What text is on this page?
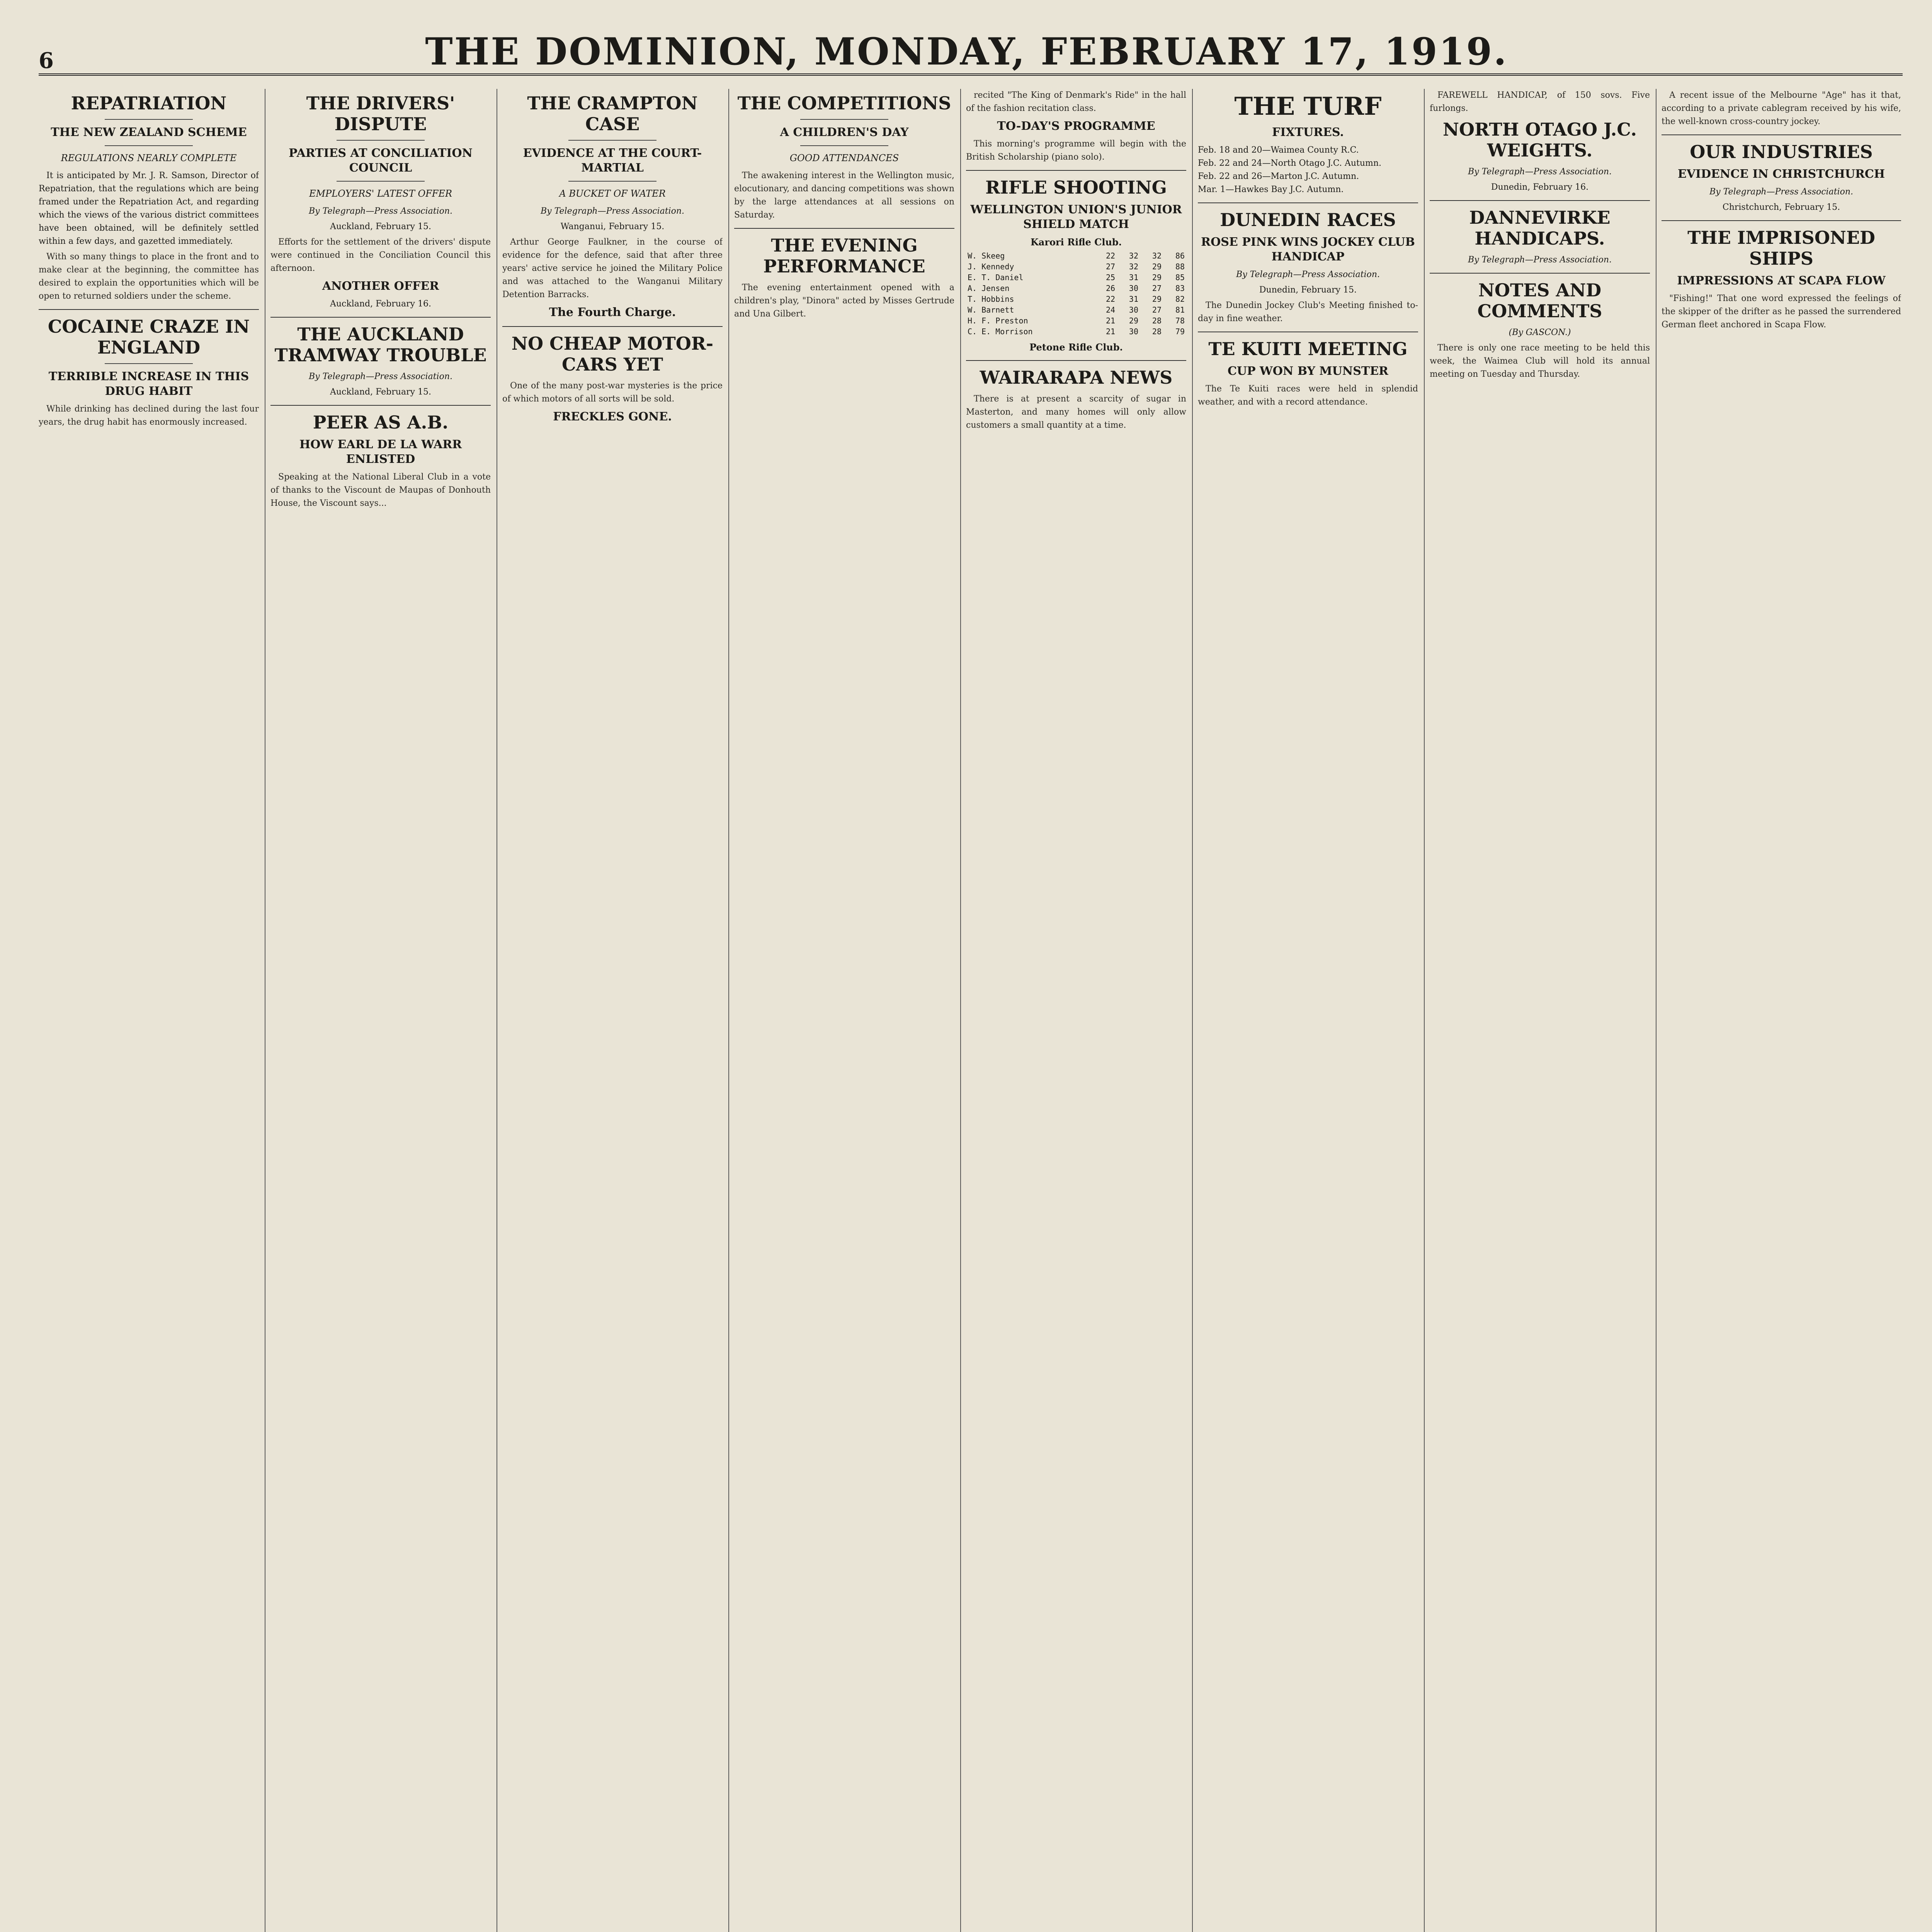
6	THE DOMINION, MONDAY, FEBRUARY 17, 1919.
REPATRIATION
THE NEW ZEALAND SCHEME
REGULATIONS NEARLY COMPLETE

It is anticipated by Mr. J. R. Samson, Director of Repatriation, that the regulations which are being framed under the Repatriation Act, and regarding which the views of the various district committees have been obtained, will be definitely settled within a few days, and gazetted immediately.

With so many things to place in the front and to make clear at the beginning, the committee has desired to explain the opportunities which will be open to returned soldiers under the scheme.

COCAINE CRAZE IN ENGLAND
TERRIBLE INCREASE IN THIS DRUG HABIT

While drinking has declined during the last four years, the drug habit has enormously increased.

THE DRIVERS' DISPUTE
PARTIES AT CONCILIATION COUNCIL
EMPLOYERS' LATEST OFFER
By Telegraph—Press Association.
Auckland, February 15.

Efforts for the settlement of the drivers' dispute were continued in the Conciliation Council this afternoon.

ANOTHER OFFER
Auckland, February 16.
THE AUCKLAND TRAMWAY TROUBLE
By Telegraph—Press Association.
Auckland, February 15.
PEER AS A.B.
HOW EARL DE LA WARR ENLISTED

Speaking at the National Liberal Club in a vote of thanks to the Viscount de Maupas of Donhouth House, the Viscount says...

THE CRAMPTON CASE
EVIDENCE AT THE COURT-MARTIAL
A BUCKET OF WATER
By Telegraph—Press Association.
Wanganui, February 15.

Arthur George Faulkner, in the course of evidence for the defence, said that after three years' active service he joined the Military Police and was attached to the Wanganui Military Detention Barracks.

The Fourth Charge.
NO CHEAP MOTOR-CARS YET

One of the many post-war mysteries is the price of which motors of all sorts will be sold.

FRECKLES GONE.
THE COMPETITIONS
A CHILDREN'S DAY
GOOD ATTENDANCES

The awakening interest in the Wellington music, elocutionary, and dancing competitions was shown by the large attendances at all sessions on Saturday.

THE EVENING PERFORMANCE

The evening entertainment opened with a children's play, "Dinora" acted by Misses Gertrude and Una Gilbert.

recited "The King of Denmark's Ride" in the hall of the fashion recitation class.

TO-DAY'S PROGRAMME

This morning's programme will begin with the British Scholarship (piano solo).

RIFLE SHOOTING
WELLINGTON UNION'S JUNIOR SHIELD MATCH
Karori Rifle Club.
W. Skeeg	22	32	32	86
J. Kennedy	27	32	29	88
E. T. Daniel	25	31	29	85
A. Jensen	26	30	27	83
T. Hobbins	22	31	29	82
W. Barnett	24	30	27	81
H. F. Preston	21	29	28	78
C. E. Morrison	21	30	28	79
Petone Rifle Club.
WAIRARAPA NEWS

There is at present a scarcity of sugar in Masterton, and many homes will only allow customers a small quantity at a time.

THE TURF
FIXTURES.
Feb. 18 and 20—Waimea County R.C.
Feb. 22 and 24—North Otago J.C. Autumn.
Feb. 22 and 26—Marton J.C. Autumn.
Mar. 1—Hawkes Bay J.C. Autumn.
DUNEDIN RACES
ROSE PINK WINS JOCKEY CLUB HANDICAP
By Telegraph—Press Association.
Dunedin, February 15.

The Dunedin Jockey Club's Meeting finished to-day in fine weather.

TE KUITI MEETING
CUP WON BY MUNSTER

The Te Kuiti races were held in splendid weather, and with a record attendance.

FAREWELL HANDICAP, of 150 sovs. Five furlongs.

NORTH OTAGO J.C. WEIGHTS.
By Telegraph—Press Association.
Dunedin, February 16.
DANNEVIRKE HANDICAPS.
By Telegraph—Press Association.
NOTES AND COMMENTS
(By GASCON.)

There is only one race meeting to be held this week, the Waimea Club will hold its annual meeting on Tuesday and Thursday.

A recent issue of the Melbourne "Age" has it that, according to a private cablegram received by his wife, the well-known cross-country jockey.

OUR INDUSTRIES
EVIDENCE IN CHRISTCHURCH
By Telegraph—Press Association.
Christchurch, February 15.
THE IMPRISONED SHIPS
IMPRESSIONS AT SCAPA FLOW

"Fishing!" That one word expressed the feelings of the skipper of the drifter as he passed the surrendered German fleet anchored in Scapa Flow.
